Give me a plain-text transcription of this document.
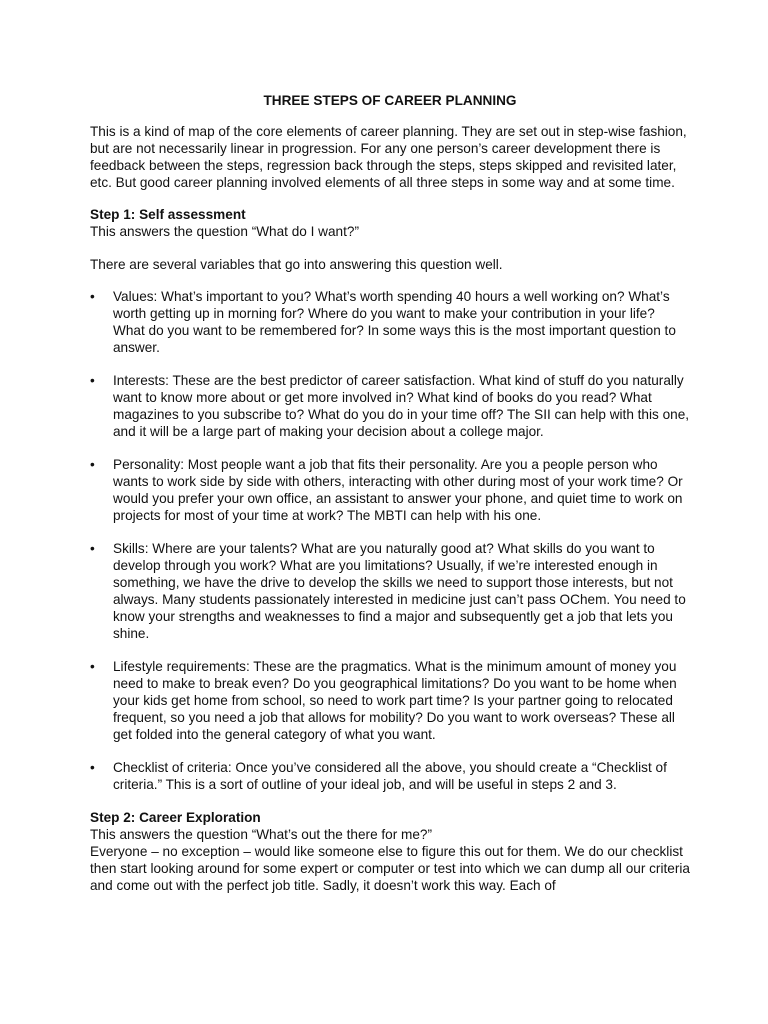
THREE STEPS OF CAREER PLANNING

This is a kind of map of the core elements of career planning. They are set out in step-wise fashion, but are not necessarily linear in progression. For any one person’s career development there is feedback between the steps, regression back through the steps, steps skipped and revisited later, etc. But good career planning involved elements of all three steps in some way and at some time.

Step 1: Self assessment

This answers the question “What do I want?”

There are several variables that go into answering this question well.

• Values: What’s important to you? What’s worth spending 40 hours a well working on? What’s worth getting up in morning for? Where do you want to make your contribution in your life? What do you want to be remembered for? In some ways this is the most important question to answer.
• Interests: These are the best predictor of career satisfaction. What kind of stuff do you naturally want to know more about or get more involved in? What kind of books do you read? What magazines to you subscribe to? What do you do in your time off? The SII can help with this one, and it will be a large part of making your decision about a college major.
• Personality: Most people want a job that fits their personality. Are you a people person who wants to work side by side with others, interacting with other during most of your work time? Or would you prefer your own office, an assistant to answer your phone, and quiet time to work on projects for most of your time at work? The MBTI can help with his one.
• Skills: Where are your talents? What are you naturally good at? What skills do you want to develop through you work? What are you limitations? Usually, if we’re interested enough in something, we have the drive to develop the skills we need to support those interests, but not always. Many students passionately interested in medicine just can’t pass OChem. You need to know your strengths and weaknesses to find a major and subsequently get a job that lets you shine.
• Lifestyle requirements: These are the pragmatics. What is the minimum amount of money you need to make to break even? Do you geographical limitations? Do you want to be home when your kids get home from school, so need to work part time? Is your partner going to relocated frequent, so you need a job that allows for mobility? Do you want to work overseas? These all get folded into the general category of what you want.
• Checklist of criteria: Once you’ve considered all the above, you should create a “Checklist of criteria.” This is a sort of outline of your ideal job, and will be useful in steps 2 and 3.

Step 2: Career Exploration

This answers the question “What’s out the there for me?”

Everyone – no exception – would like someone else to figure this out for them. We do our checklist then start looking around for some expert or computer or test into which we can dump all our criteria and come out with the perfect job title. Sadly, it doesn’t work this way. Each of
